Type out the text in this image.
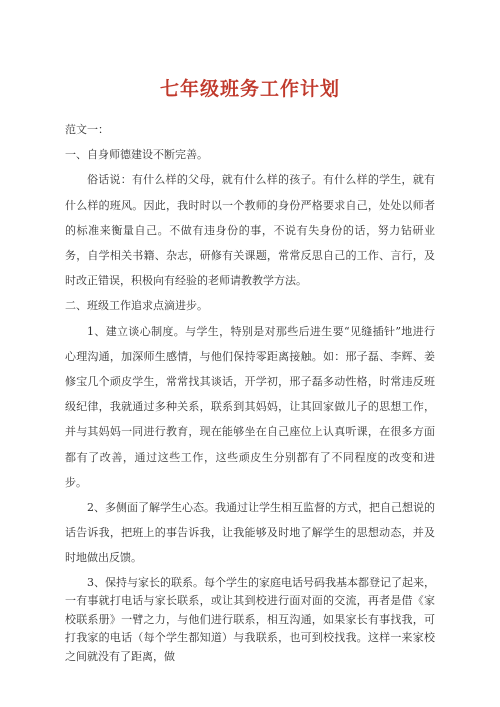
七年级班务工作计划

范文一：

一、自身师德建设不断完善。

俗话说：有什么样的父母，就有什么样的孩子。有什么样的学生，就有什么样的班风。因此，我时时以一个教师的身份严格要求自己，处处以师者的标准来衡量自己。不做有违身份的事，不说有失身份的话，努力钻研业务，自学相关书籍、杂志，研修有关课题，常常反思自己的工作、言行，及时改正错误，积极向有经验的老师请教教学方法。

二、班级工作追求点滴进步。

1、建立谈心制度。与学生，特别是对那些后进生要“见缝插针”地进行心理沟通，加深师生感情，与他们保持零距离接触。如：邢子磊、李辉、姜修宝几个顽皮学生，常常找其谈话，开学初，邢子磊多动性格，时常违反班级纪律，我就通过多种关系，联系到其妈妈，让其回家做儿子的思想工作，并与其妈妈一同进行教育，现在能够坐在自己座位上认真听课，在很多方面都有了改善，通过这些工作，这些顽皮生分别都有了不同程度的改变和进步。

2、多侧面了解学生心态。我通过让学生相互监督的方式，把自己想说的话告诉我，把班上的事告诉我，让我能够及时地了解学生的思想动态，并及时地做出反馈。

3、保持与家长的联系。每个学生的家庭电话号码我基本都登记了起来，一有事就打电话与家长联系，或让其到校进行面对面的交流，再者是借《家校联系册》一臂之力，与他们进行联系，相互沟通，如果家长有事找我，可打我家的电话（每个学生都知道）与我联系，也可到校找我。这样一来家校之间就没有了距离，做
